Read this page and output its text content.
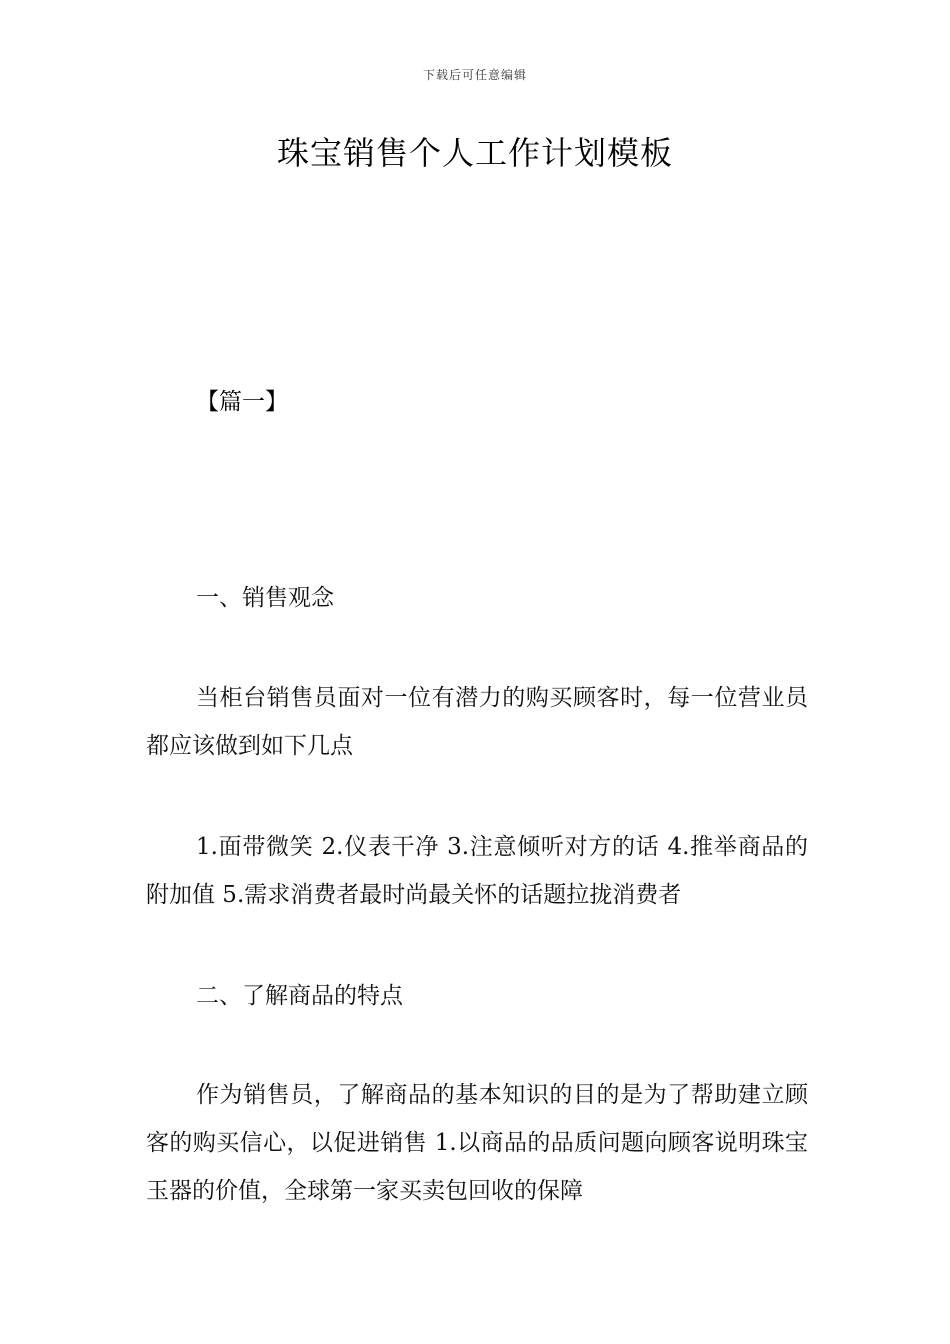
下载后可任意编辑
珠宝销售个人工作计划模板
【篇一】

一、销售观念

当柜台销售员面对一位有潜力的购买顾客时，每一位营业员都应该做到如下几点

1.面带微笑 2.仪表干净 3.注意倾听对方的话 4.推举商品的附加值 5.需求消费者最时尚最关怀的话题拉拢消费者

二、了解商品的特点

作为销售员，了解商品的基本知识的目的是为了帮助建立顾客的购买信心，以促进销售 1.以商品的品质问题向顾客说明珠宝玉器的价值，全球第一家买卖包回收的保障
